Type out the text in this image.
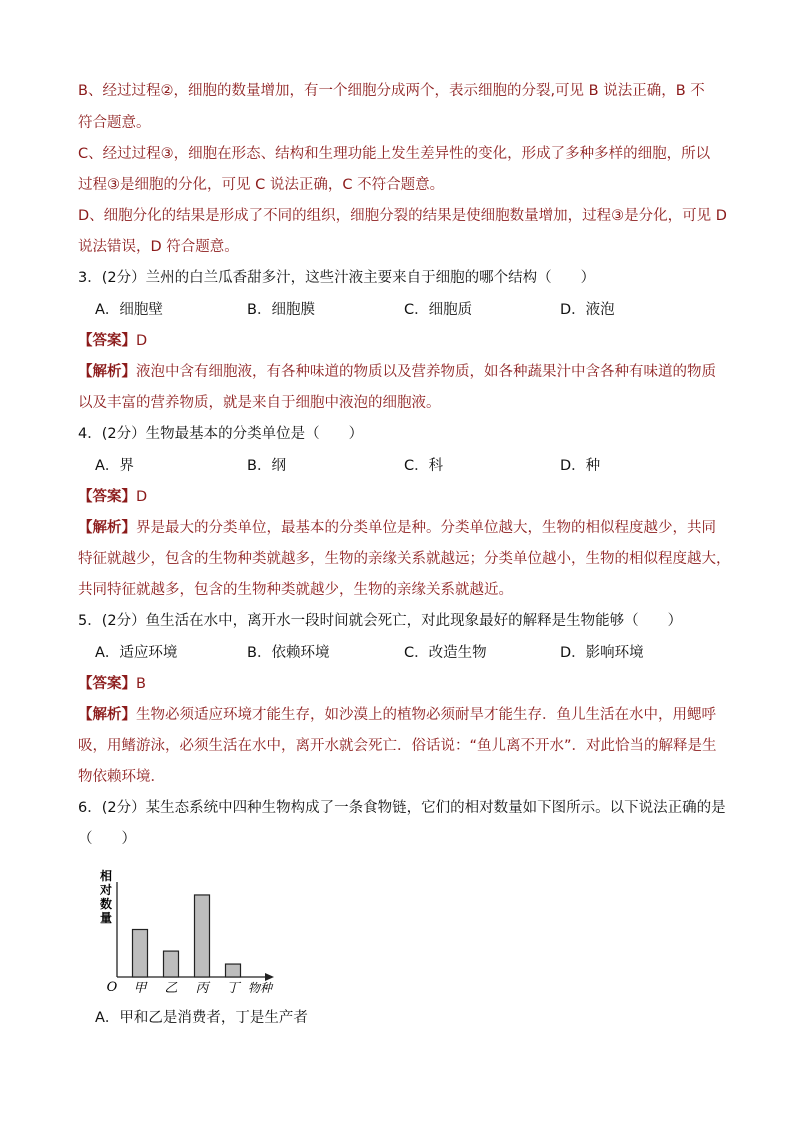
B、经过过程②，细胞的数量增加，有一个细胞分成两个，表示细胞的分裂,可见 B 说法正确，B 不
符合题意。
C、经过过程③，细胞在形态、结构和生理功能上发生差异性的变化，形成了多种多样的细胞，所以
过程③是细胞的分化，可见 C 说法正确，C 不符合题意。
D、细胞分化的结果是形成了不同的组织，细胞分裂的结果是使细胞数量增加，过程③是分化，可见 D
说法错误，D 符合题意。
3．(2分）兰州的白兰瓜香甜多汁，这些汁液主要来自于细胞的哪个结构（　　）
A．细胞壁	B．细胞膜	C．细胞质	D．液泡
【答案】D
【解析】液泡中含有细胞液，有各种味道的物质以及营养物质，如各种蔬果汁中含各种有味道的物质
以及丰富的营养物质，就是来自于细胞中液泡的细胞液。
4．(2分）生物最基本的分类单位是（　　）
A．界	B．纲	C．科	D．种
【答案】D
【解析】界是最大的分类单位，最基本的分类单位是种。分类单位越大，生物的相似程度越少，共同
特征就越少，包含的生物种类就越多，生物的亲缘关系就越远；分类单位越小，生物的相似程度越大，
共同特征就越多，包含的生物种类就越少，生物的亲缘关系就越近。
5．(2分）鱼生活在水中，离开水一段时间就会死亡，对此现象最好的解释是生物能够（　　）
A．适应环境	B．依赖环境	C．改造生物	D．影响环境
【答案】B
【解析】生物必须适应环境才能生存，如沙漠上的植物必须耐旱才能生存．鱼儿生活在水中，用鳃呼
吸，用鳍游泳，必须生活在水中，离开水就会死亡．俗话说：“鱼儿离不开水”．对此恰当的解释是生
物依赖环境．
6．(2分）某生态系统中四种生物构成了一条食物链，它们的相对数量如下图所示。以下说法正确的是
（　　）
相对数量
O	物种
甲 乙 丙 丁
A．甲和乙是消费者，丁是生产者
